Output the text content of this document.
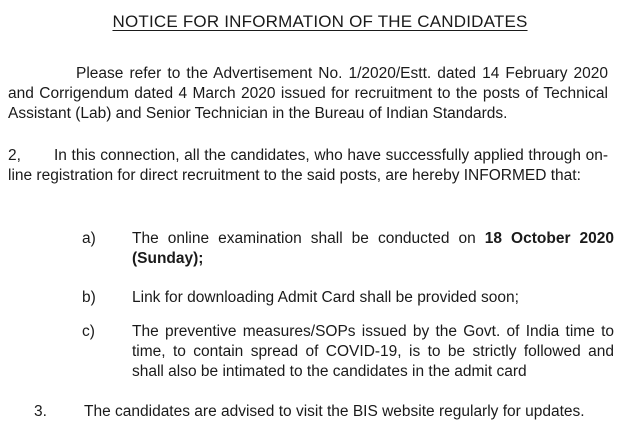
NOTICE FOR INFORMATION OF THE CANDIDATES
Please refer to the Advertisement No. 1/2020/Estt. dated 14 February 2020 and Corrigendum dated 4 March 2020 issued for recruitment to the posts of Technical Assistant (Lab) and Senior Technician in the Bureau of Indian Standards.
2, In this connection, all the candidates, who have successfully applied through on-line registration for direct recruitment to the said posts, are hereby INFORMED that:
a)	The online examination shall be conducted on 18 October 2020 (Sunday);
b)	Link for downloading Admit Card shall be provided soon;
c)	The preventive measures/SOPs issued by the Govt. of India time to time, to contain spread of COVID-19, is to be strictly followed and shall also be intimated to the candidates in the admit card
3. The candidates are advised to visit the BIS website regularly for updates.
